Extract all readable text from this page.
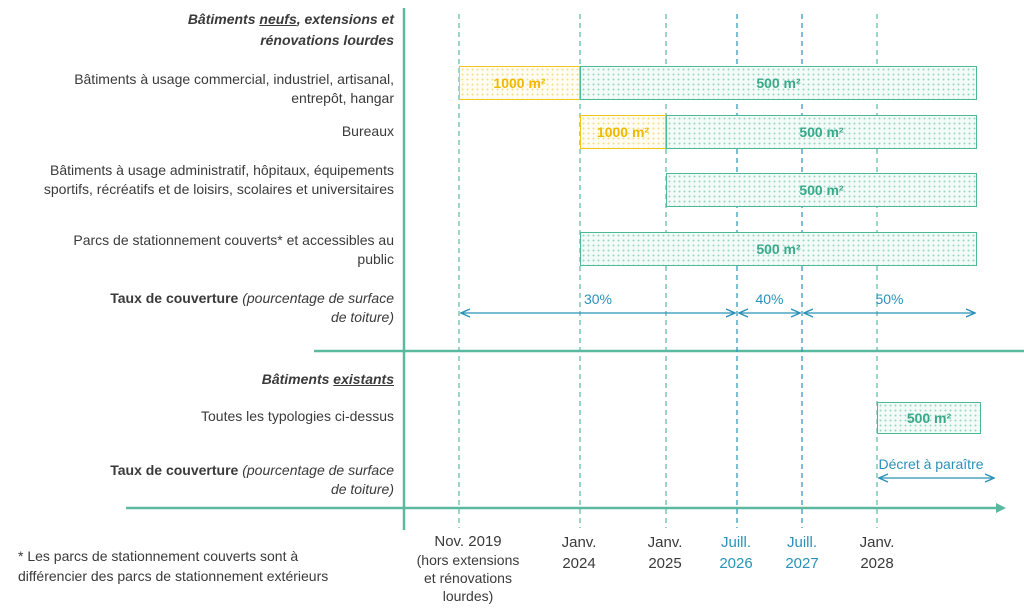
Bâtiments neufs, extensions et
rénovations lourdes
Bâtiments à usage commercial, industriel, artisanal,
entrepôt, hangar
Bureaux
Bâtiments à usage administratif, hôpitaux, équipements
sportifs, récréatifs et de loisirs, scolaires et universitaires
Parcs de stationnement couverts* et accessibles au
public
Taux de couverture (pourcentage de surface
de toiture)
Bâtiments existants
Toutes les typologies ci-dessus
Taux de couverture (pourcentage de surface
de toiture)
Décret à paraître
Nov. 2019
(hors extensions
et rénovations
lourdes)
Janv.
2024
Janv.
2025
Juill.
2026
Juill.
2027
Janv.
2028
30%	40%	50%
1000 m²	500 m²
1000 m²	500 m²
500 m²
500 m²
500 m²
* Les parcs de stationnement couverts sont à
différencier des parcs de stationnement extérieurs
